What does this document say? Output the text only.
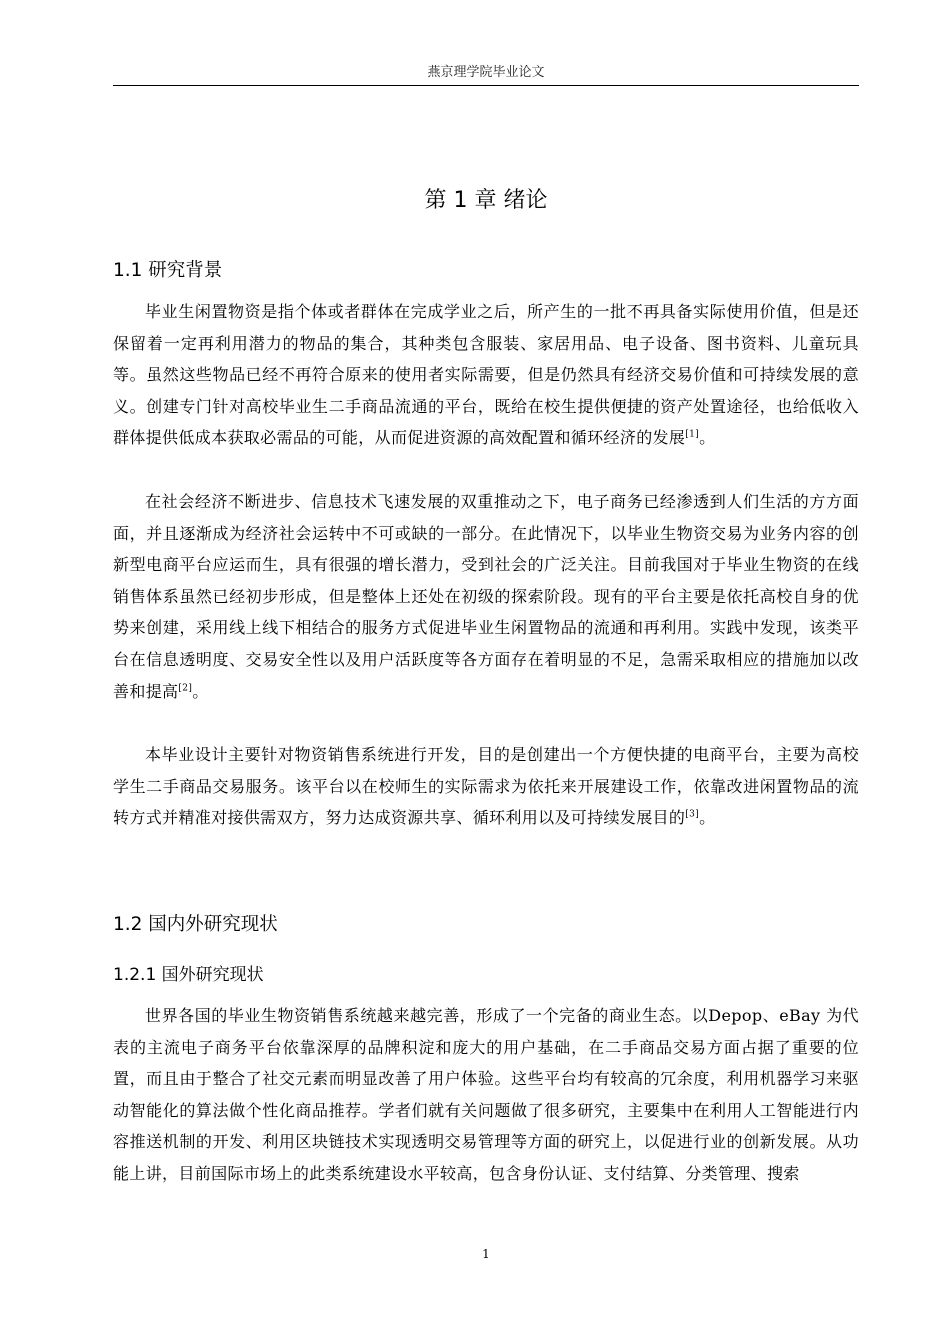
燕京理学院毕业论文
第 1 章 绪论
1.1 研究背景

毕业生闲置物资是指个体或者群体在完成学业之后，所产生的一批不再具备实际使用价值，但是还保留着一定再利用潜力的物品的集合，其种类包含服装、家居用品、电子设备、图书资料、儿童玩具等。虽然这些物品已经不再符合原来的使用者实际需要，但是仍然具有经济交易价值和可持续发展的意义。创建专门针对高校毕业生二手商品流通的平台，既给在校生提供便捷的资产处置途径，也给低收入群体提供低成本获取必需品的可能，从而促进资源的高效配置和循环经济的发展[1]。

在社会经济不断进步、信息技术飞速发展的双重推动之下，电子商务已经渗透到人们生活的方方面面，并且逐渐成为经济社会运转中不可或缺的一部分。在此情况下，以毕业生物资交易为业务内容的创新型电商平台应运而生，具有很强的增长潜力，受到社会的广泛关注。目前我国对于毕业生物资的在线销售体系虽然已经初步形成，但是整体上还处在初级的探索阶段。现有的平台主要是依托高校自身的优势来创建，采用线上线下相结合的服务方式促进毕业生闲置物品的流通和再利用。实践中发现，该类平台在信息透明度、交易安全性以及用户活跃度等各方面存在着明显的不足，急需采取相应的措施加以改善和提高[2]。

本毕业设计主要针对物资销售系统进行开发，目的是创建出一个方便快捷的电商平台，主要为高校学生二手商品交易服务。该平台以在校师生的实际需求为依托来开展建设工作，依靠改进闲置物品的流转方式并精准对接供需双方，努力达成资源共享、循环利用以及可持续发展目的[3]。

1.2 国内外研究现状
1.2.1 国外研究现状

世界各国的毕业生物资销售系统越来越完善，形成了一个完备的商业生态。以Depop、eBay 为代表的主流电子商务平台依靠深厚的品牌积淀和庞大的用户基础，在二手商品交易方面占据了重要的位置，而且由于整合了社交元素而明显改善了用户体验。这些平台均有较高的冗余度，利用机器学习来驱动智能化的算法做个性化商品推荐。学者们就有关问题做了很多研究，主要集中在利用人工智能进行内容推送机制的开发、利用区块链技术实现透明交易管理等方面的研究上，以促进行业的创新发展。从功能上讲，目前国际市场上的此类系统建设水平较高，包含身份认证、支付结算、分类管理、搜索

1
